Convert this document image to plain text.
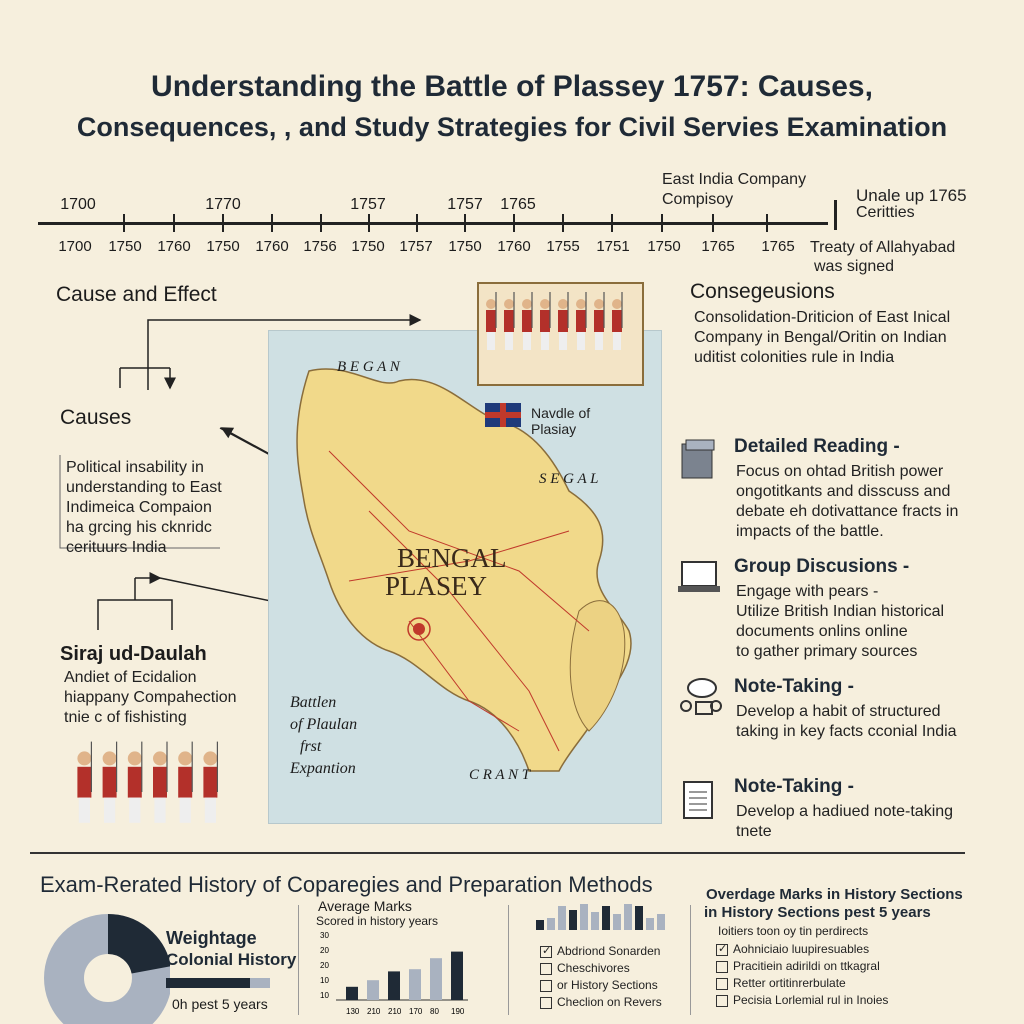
Understanding the Battle of Plassey 1757: Causes,
Consequences, , and Study Strategies for Civil Servies Examination
1700	1770	1757	1757 1765
1700 1750 1760 1750 1760 1756 1750 1757 1750 1760 1755 1751 1750 1765 1765
East India Company
Compisoy	Unale up 1765
Ceritties
Treaty of Allahyabad
was signed
Cause and Effect
Causes
Political insability in
understanding to East
Indimeica Compaion
ha grcing his cknridc
cerituurs India
Siraj ud-Daulah
Andiet of Ecidalion
hiappany Compahection
tnie c of fishisting
B E G A N
S E G A L
C R A N T
BENGAL
PLASEY
Navdle of
Plasiay
Battlen
of Plaulan
frst
Expantion
Consegeusions
Consolidation-Driticion of East Inical
Company in Bengal/Oritin on Indian
uditist colonities rule in India
Detailed Reading -
Focus on ohtad British power
ongotitkants and disscuss and
debate eh dotivattance fracts in
impacts of the battle.
Group Discusions -
Engage with pears -
Utilize British Indian historical
documents onlins online
to gather primary sources
Note-Taking -
Develop a habit of structured
taking in key facts cconial India
Note-Taking -
Develop a hadiued note-taking
tnete
Exam-Rerated History of Coparegies and Preparation Methods
Weightage
Colonial History
0h pest 5 years
Average Marks
Scored in history years
30
20
20
10
10
130 210 210 170 80 190
✓ Abdriond Sonarden
Cheschivores
or History Sections
Checlion on Revers
Overdage Marks in History Sections
in History Sections pest 5 years
Ioitiers toon oy tin perdirects
✓ Aohniciaio luupiresuables
Pracitiein adirildi on ttkagral
Retter ortitinrerbulate
Pecisia Lorlemial rul in Inoies
